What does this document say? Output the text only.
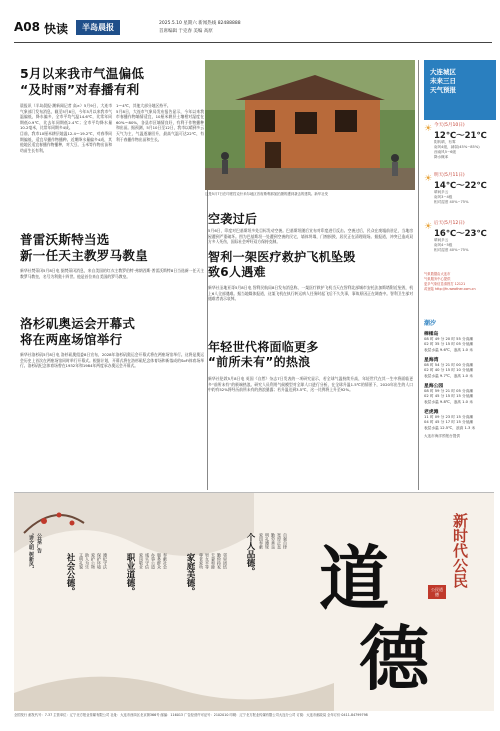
A08 快读	半岛晨报	2025.5.10 星期六 新闻热线 82488888
首席编辑 于克春 美编 高原
5月以来我市气温偏低
“及时雨”对春播有利
晨报讯（半岛晨报·潮新闻记者 高×）5月9日，大连市气象部门发布消息，截至5月8日，今年5月以来我市气温偏低，降水偏多，全市平均气温14.6℃，比常年同期低0.9℃，比去年同期低2.4℃；全市平均降水量10.2毫米，比常年同期多4成。
目前，我市10厘米耕层地温12.4～19.2℃，对春季同期偏低，适宜早播作物播种。近期降水量偏多4成，其他地区适宜春播作物播种，对大豆、玉米等作物出苗和幼苗生长有利。
1～4℃，其他大部分地区持平。
5月8日，大连市气象局发布报告显示，今年以来我市春播作物墒情适宜，10厘米耕层土壤相对湿度在60%～80%，各县市区墒情良好，有利于作物播种和出苗。据预测，5月10日至12日，我市以晴到多云天气为主，气温逐渐回升，最高气温可达22℃，有利于春播作物出苗和生长。
普雷沃斯特当选
新一任天主教罗马教皇
新华社梵蒂冈5月8日电 据梵蒂冈消息，来自美国的红衣主教罗伯特·弗朗西斯·普雷沃斯特8日当选新一任天主教罗马教皇，名号为利奥十四世。他是首位来自美国的罗马教皇。
洛杉矶奥运会开幕式
将在两座场馆举行
新华社洛杉矶5月8日电 洛杉矶奥组委8日宣布，2028年洛杉矶奥运会开幕式将在两座场馆举行。这将是奥运会历史上首次在两座场馆同时举行开幕式。根据计划，开幕式将在洛杉矶纪念体育场和新落成的SoFi体育场举行。洛杉矶纪念体育场曾在1932年和1984年两度承办奥运会开幕式。
这是5月7日在印度控克什米尔地区首府斯利那加拍摄的遭到袭击的建筑。新华社发
空袭过后
5月6日，印度对巴基斯坦多处目标发动空袭。巴基斯坦随后宣布对印度进行反击。空袭过后，民众在废墟前驻足，当地房屋遭到严重破坏。图为巴基斯坦一处遭到空袭的民宅，墙体坍塌，门窗损毁，居民正在清理现场。据报道，冲突已造成双方多人死伤，国际社会呼吁双方保持克制。
智利一架医疗救护飞机坠毁
致6人遇难
新华社圣地亚哥5月8日电 智利民航局8日发布消息称，一架医疗救护飞机当天在智利北部城市安托法加斯塔附近坠毁，机上6人全部遇难。据当地媒体报道，这架飞机在执行转运病人任务时起飞后不久失事，事故原因正在调查中。智利卫生部对遇难者表示哀悼。
年轻世代将面临更多
“前所未有”的热浪
新华社伦敦5月8日电 英国《自然》杂志7日发表的一项研究显示，若全球气温持续升高，年轻世代在其一生中将面临更多“前所未有”的极端热浪。研究人员利用气候模型对全球人口进行分析，在全球升温1.5℃的情景下，2020年出生的人口中约有52%将经历前所未有的热浪暴露；若升温达到3.5℃，这一比例将上升至92%。
大连城区
未来三日
天气预报
☀ 今天(5月10日)
12℃～21℃
阴转晴，有雾
南风4级，减弱(45%~85%)
西南风5~6级
降水概率
☀ 明天(5月11日)
14℃～22℃
晴间多云
南风3~4级
相对湿度 40%~75%
☀ 后天(5月12日)
16℃～23℃
晴间多云
南风4~5级
相对湿度 40%~75%
气象数据由大连市
气象服务中心提供
更多气象信息请拨打 12121
或登陆 http://fn.weather.com.cn
潮汐
棒棰岛
08 时 49 分 20 时 55 分高潮
02 时 35 分 15 时 05 分低潮
表层水温 9.6℃，浪高 1.0 米
星海湾
08 时 54 分 21 时 00 分高潮
02 时 40 分 15 时 10 分低潮
表层水温 9.7℃，浪高 1.0 米
星海公园
08 时 59 分 21 时 05 分高潮
02 时 45 分 15 时 15 分低潮
表层水温 9.8℃，浪高 1.0 米
老虎滩
11 时 09 分 23 时 15 分高潮
04 时 45 分 17 时 15 分低潮
表层水温 12.5℃，浪高 1.3 米
大连市海洋预报台提供
‘讲文明 树新风’ 公益广告
社会公德。 文明礼貌 助人为乐 爱护公物 保护环境 遵纪守法 职业道德。 爱岗敬业 诚实守信 办事公道 服务群众 奉献社会 家庭美德。 尊老爱幼 男女平等 夫妻和睦 勤俭持家 邻里团结 个人品德。 爱国奉献 明礼遵规 勤劳善良 宽厚正直 自强自律 道
德
新时代公民
公民道德
全国发行 邮发代号：7-37 主管单位：辽宁北方报业传媒有限公司 社址：大连市西岗区北京街366号 邮编：116013 广告经营许可证号：2102010 印刷：辽宁北方报业传媒有限公司大连分公司 订阅：大连市邮政局 全年订价 0411-84799798
